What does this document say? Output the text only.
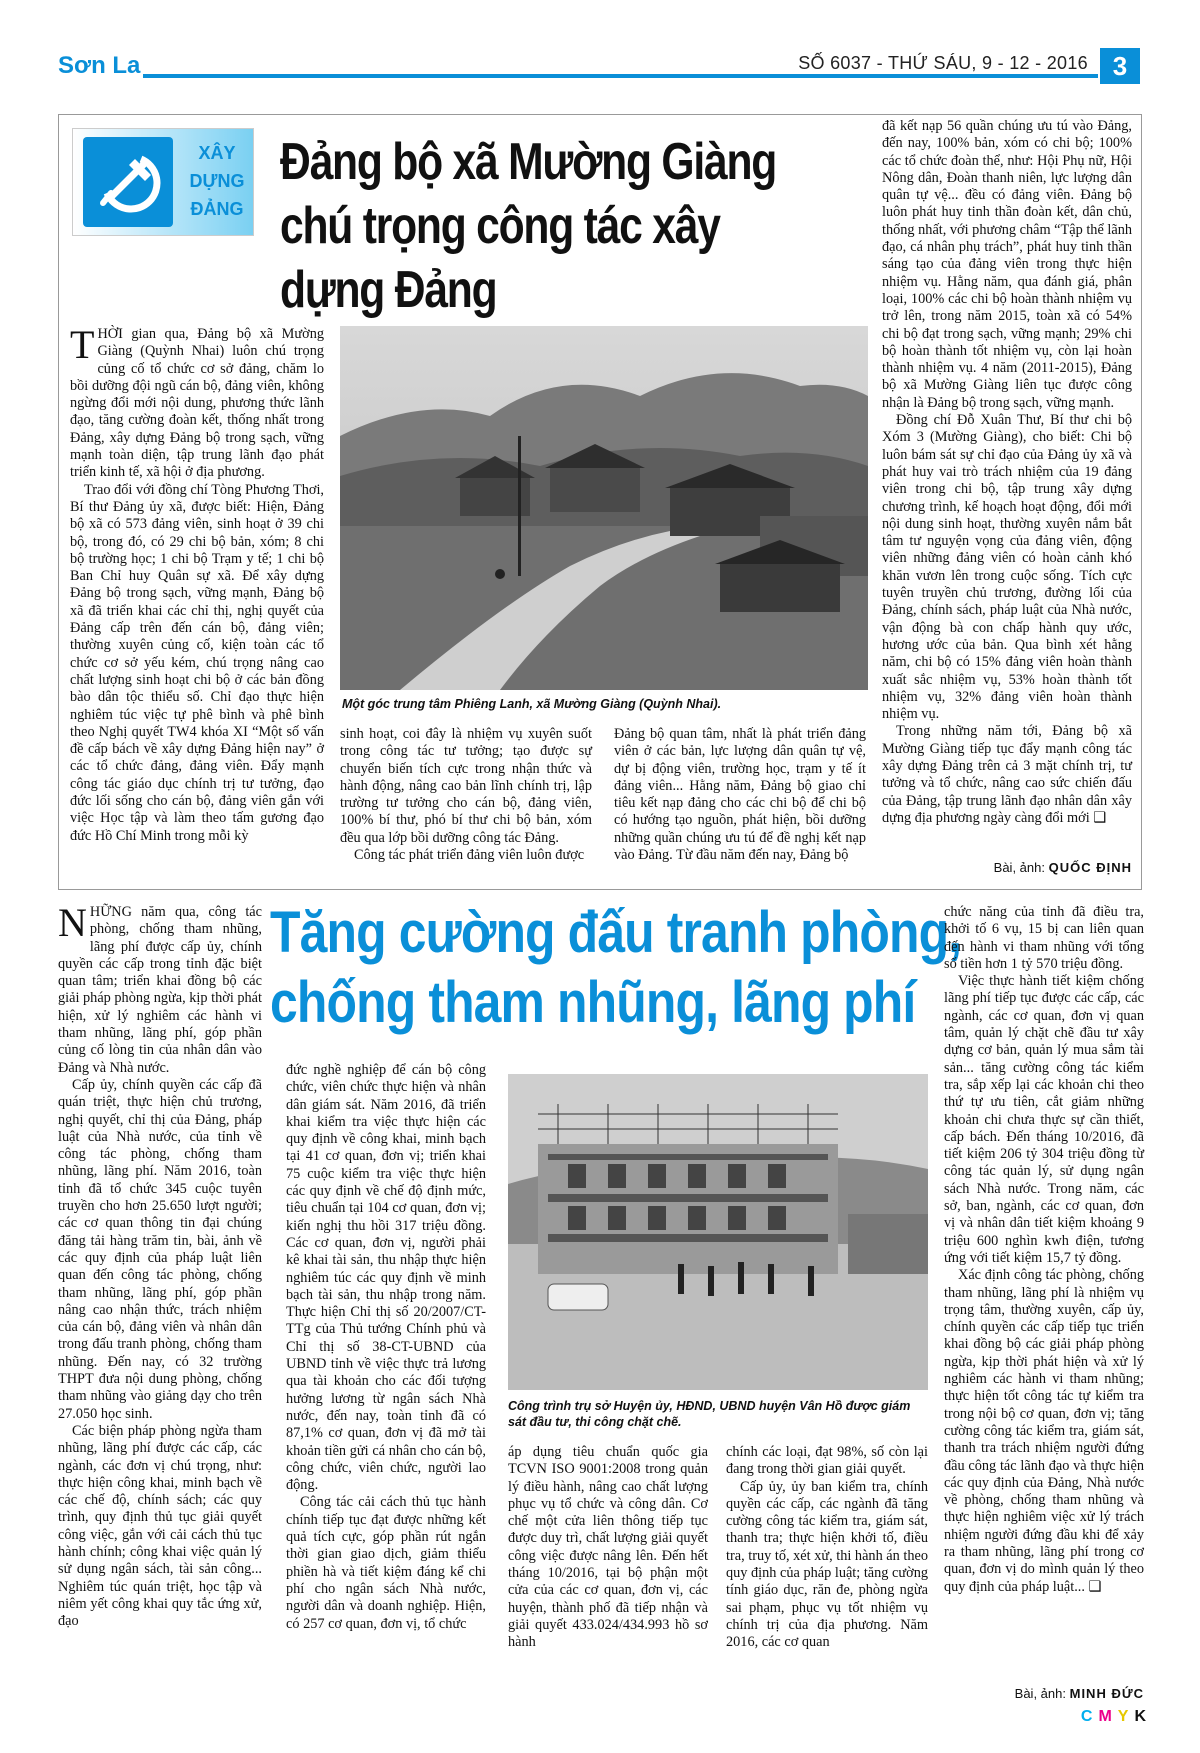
Sơn La	SỐ 6037 - THỨ SÁU, 9 - 12 - 2016 3
XÂY
DỰNG
ĐẢNG
Đảng bộ xã Mường Giàng chú trọng công tác xây dựng Đảng

THỜI gian qua, Đảng bộ xã Mường Giàng (Quỳnh Nhai) luôn chú trọng củng cố tổ chức cơ sở đảng, chăm lo bồi dưỡng đội ngũ cán bộ, đảng viên, không ngừng đổi mới nội dung, phương thức lãnh đạo, tăng cường đoàn kết, thống nhất trong Đảng, xây dựng Đảng bộ trong sạch, vững mạnh toàn diện, tập trung lãnh đạo phát triển kinh tế, xã hội ở địa phương.

Trao đổi với đồng chí Tòng Phương Thơi, Bí thư Đảng ủy xã, được biết: Hiện, Đảng bộ xã có 573 đảng viên, sinh hoạt ở 39 chi bộ, trong đó, có 29 chi bộ bản, xóm; 8 chi bộ trường học; 1 chi bộ Trạm y tế; 1 chi bộ Ban Chỉ huy Quân sự xã. Để xây dựng Đảng bộ trong sạch, vững mạnh, Đảng bộ xã đã triển khai các chỉ thị, nghị quyết của Đảng cấp trên đến cán bộ, đảng viên; thường xuyên củng cố, kiện toàn các tổ chức cơ sở yếu kém, chú trọng nâng cao chất lượng sinh hoạt chi bộ ở các bản đồng bào dân tộc thiểu số. Chỉ đạo thực hiện nghiêm túc việc tự phê bình và phê bình theo Nghị quyết TW4 khóa XI “Một số vấn đề cấp bách về xây dựng Đảng hiện nay” ở các tổ chức đảng, đảng viên. Đẩy mạnh công tác giáo dục chính trị tư tưởng, đạo đức lối sống cho cán bộ, đảng viên gắn với việc Học tập và làm theo tấm gương đạo đức Hồ Chí Minh trong mỗi kỳ

Một góc trung tâm Phiêng Lanh, xã Mường Giàng (Quỳnh Nhai).

sinh hoạt, coi đây là nhiệm vụ xuyên suốt trong công tác tư tưởng; tạo được sự chuyển biến tích cực trong nhận thức và hành động, nâng cao bản lĩnh chính trị, lập trường tư tưởng cho cán bộ, đảng viên, 100% bí thư, phó bí thư chi bộ bản, xóm đều qua lớp bồi dưỡng công tác Đảng.

Công tác phát triển đảng viên luôn được

Đảng bộ quan tâm, nhất là phát triển đảng viên ở các bản, lực lượng dân quân tự vệ, dự bị động viên, trường học, trạm y tế ít đảng viên... Hằng năm, Đảng bộ giao chỉ tiêu kết nạp đảng cho các chi bộ để chi bộ có hướng tạo nguồn, phát hiện, bồi dưỡng những quần chúng ưu tú để đề nghị kết nạp vào Đảng. Từ đầu năm đến nay, Đảng bộ

đã kết nạp 56 quần chúng ưu tú vào Đảng, đến nay, 100% bản, xóm có chi bộ; 100% các tổ chức đoàn thể, như: Hội Phụ nữ, Hội Nông dân, Đoàn thanh niên, lực lượng dân quân tự vệ... đều có đảng viên. Đảng bộ luôn phát huy tinh thần đoàn kết, dân chủ, thống nhất, với phương châm “Tập thể lãnh đạo, cá nhân phụ trách”, phát huy tinh thần sáng tạo của đảng viên trong thực hiện nhiệm vụ. Hằng năm, qua đánh giá, phân loại, 100% các chi bộ hoàn thành nhiệm vụ trở lên, trong năm 2015, toàn xã có 54% chi bộ đạt trong sạch, vững mạnh; 29% chi bộ hoàn thành tốt nhiệm vụ, còn lại hoàn thành nhiệm vụ. 4 năm (2011-2015), Đảng bộ xã Mường Giàng liên tục được công nhận là Đảng bộ trong sạch, vững mạnh.

Đồng chí Đỗ Xuân Thư, Bí thư chi bộ Xóm 3 (Mường Giàng), cho biết: Chi bộ luôn bám sát sự chỉ đạo của Đảng ủy xã và phát huy vai trò trách nhiệm của 19 đảng viên trong chi bộ, tập trung xây dựng chương trình, kế hoạch hoạt động, đổi mới nội dung sinh hoạt, thường xuyên nắm bắt tâm tư nguyện vọng của đảng viên, động viên những đảng viên có hoàn cảnh khó khăn vươn lên trong cuộc sống. Tích cực tuyên truyền chủ trương, đường lối của Đảng, chính sách, pháp luật của Nhà nước, vận động bà con chấp hành quy ước, hương ước của bản. Qua bình xét hằng năm, chi bộ có 15% đảng viên hoàn thành xuất sắc nhiệm vụ, 53% hoàn thành tốt nhiệm vụ, 32% đảng viên hoàn thành nhiệm vụ.

Trong những năm tới, Đảng bộ xã Mường Giàng tiếp tục đẩy mạnh công tác xây dựng Đảng trên cả 3 mặt chính trị, tư tưởng và tổ chức, nâng cao sức chiến đấu của Đảng, tập trung lãnh đạo nhân dân xây dựng địa phương ngày càng đổi mới ❑

Bài, ảnh: QUỐC ĐỊNH
Tăng cường đấu tranh phòng, chống tham nhũng, lãng phí

NHỮNG năm qua, công tác phòng, chống tham nhũng, lãng phí được cấp ủy, chính quyền các cấp trong tỉnh đặc biệt quan tâm; triển khai đồng bộ các giải pháp phòng ngừa, kịp thời phát hiện, xử lý nghiêm các hành vi tham nhũng, lãng phí, góp phần củng cố lòng tin của nhân dân vào Đảng và Nhà nước.

Cấp ủy, chính quyền các cấp đã quán triệt, thực hiện chủ trương, nghị quyết, chỉ thị của Đảng, pháp luật của Nhà nước, của tỉnh về công tác phòng, chống tham nhũng, lãng phí. Năm 2016, toàn tỉnh đã tổ chức 345 cuộc tuyên truyền cho hơn 25.650 lượt người; các cơ quan thông tin đại chúng đăng tải hàng trăm tin, bài, ảnh về các quy định của pháp luật liên quan đến công tác phòng, chống tham nhũng, lãng phí, góp phần nâng cao nhận thức, trách nhiệm của cán bộ, đảng viên và nhân dân trong đấu tranh phòng, chống tham nhũng. Đến nay, có 32 trường THPT đưa nội dung phòng, chống tham nhũng vào giảng dạy cho trên 27.050 học sinh.

Các biện pháp phòng ngừa tham nhũng, lãng phí được các cấp, các ngành, các đơn vị chú trọng, như: thực hiện công khai, minh bạch về các chế độ, chính sách; các quy trình, quy định thủ tục giải quyết công việc, gắn với cải cách thủ tục hành chính; công khai việc quản lý sử dụng ngân sách, tài sản công... Nghiêm túc quán triệt, học tập và niêm yết công khai quy tắc ứng xử, đạo

đức nghề nghiệp để cán bộ công chức, viên chức thực hiện và nhân dân giám sát. Năm 2016, đã triển khai kiểm tra việc thực hiện các quy định về công khai, minh bạch tại 41 cơ quan, đơn vị; triển khai 75 cuộc kiểm tra việc thực hiện các quy định về chế độ định mức, tiêu chuẩn tại 104 cơ quan, đơn vị; kiến nghị thu hồi 317 triệu đồng. Các cơ quan, đơn vị, người phải kê khai tài sản, thu nhập thực hiện nghiêm túc các quy định về minh bạch tài sản, thu nhập trong năm. Thực hiện Chỉ thị số 20/2007/CT-TTg của Thủ tướng Chính phủ và Chỉ thị số 38-CT-UBND của UBND tỉnh về việc thực trả lương qua tài khoản cho các đối tượng hưởng lương từ ngân sách Nhà nước, đến nay, toàn tỉnh đã có 87,1% cơ quan, đơn vị đã mở tài khoản tiền gửi cá nhân cho cán bộ, công chức, viên chức, người lao động.

Công tác cải cách thủ tục hành chính tiếp tục đạt được những kết quả tích cực, góp phần rút ngắn thời gian giao dịch, giảm thiểu phiền hà và tiết kiệm đáng kể chi phí cho ngân sách Nhà nước, người dân và doanh nghiệp. Hiện, có 257 cơ quan, đơn vị, tổ chức

Công trình trụ sở Huyện ủy, HĐND, UBND huyện Vân Hồ được giám sát đầu tư, thi công chặt chẽ.

áp dụng tiêu chuẩn quốc gia TCVN ISO 9001:2008 trong quản lý điều hành, nâng cao chất lượng phục vụ tổ chức và công dân. Cơ chế một cửa liên thông tiếp tục được duy trì, chất lượng giải quyết công việc được nâng lên. Đến hết tháng 10/2016, tại bộ phận một cửa của các cơ quan, đơn vị, các huyện, thành phố đã tiếp nhận và giải quyết 433.024/434.993 hồ sơ hành

chính các loại, đạt 98%, số còn lại đang trong thời gian giải quyết.

Cấp ủy, ủy ban kiểm tra, chính quyền các cấp, các ngành đã tăng cường công tác kiểm tra, giám sát, thanh tra; thực hiện khởi tố, điều tra, truy tố, xét xử, thi hành án theo quy định của pháp luật; tăng cường tính giáo dục, răn đe, phòng ngừa sai phạm, phục vụ tốt nhiệm vụ chính trị của địa phương. Năm 2016, các cơ quan

chức năng của tỉnh đã điều tra, khởi tố 6 vụ, 15 bị can liên quan đến hành vi tham nhũng với tổng số tiền hơn 1 tỷ 570 triệu đồng.

Việc thực hành tiết kiệm chống lãng phí tiếp tục được các cấp, các ngành, các cơ quan, đơn vị quan tâm, quản lý chặt chẽ đầu tư xây dựng cơ bản, quản lý mua sắm tài sản... tăng cường công tác kiểm tra, sắp xếp lại các khoản chi theo thứ tự ưu tiên, cắt giảm những khoản chi chưa thực sự cần thiết, cấp bách. Đến tháng 10/2016, đã tiết kiệm 206 tỷ 304 triệu đồng từ công tác quản lý, sử dụng ngân sách Nhà nước. Trong năm, các sở, ban, ngành, các cơ quan, đơn vị và nhân dân tiết kiệm khoảng 9 triệu 600 nghìn kwh điện, tương ứng với tiết kiệm 15,7 tỷ đồng.

Xác định công tác phòng, chống tham nhũng, lãng phí là nhiệm vụ trọng tâm, thường xuyên, cấp ủy, chính quyền các cấp tiếp tục triển khai đồng bộ các giải pháp phòng ngừa, kịp thời phát hiện và xử lý nghiêm các hành vi tham nhũng; thực hiện tốt công tác tự kiểm tra trong nội bộ cơ quan, đơn vị; tăng cường công tác kiểm tra, giám sát, thanh tra trách nhiệm người đứng đầu công tác lãnh đạo và thực hiện các quy định của Đảng, Nhà nước về phòng, chống tham nhũng và thực hiện nghiêm việc xử lý trách nhiệm người đứng đầu khi để xảy ra tham nhũng, lãng phí trong cơ quan, đơn vị do mình quản lý theo quy định của pháp luật... ❑

Bài, ảnh: MINH ĐỨC
CMYK
